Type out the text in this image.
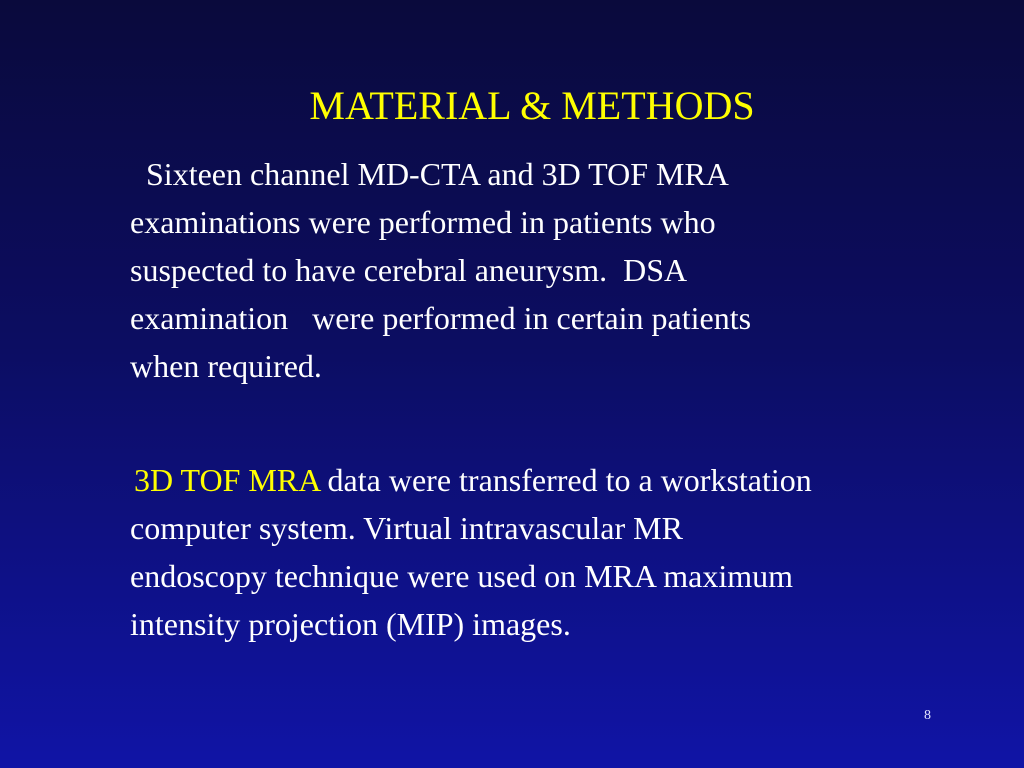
MATERIAL & METHODS
Sixteen channel MD-CTA and 3D TOF MRA
examinations were performed in patients who
suspected to have cerebral aneurysm.  DSA
examination   were performed in certain patients
when required.
3D TOF MRA data were transferred to a workstation
computer system. Virtual intravascular MR
endoscopy technique were used on MRA maximum
intensity projection (MIP) images.
8
